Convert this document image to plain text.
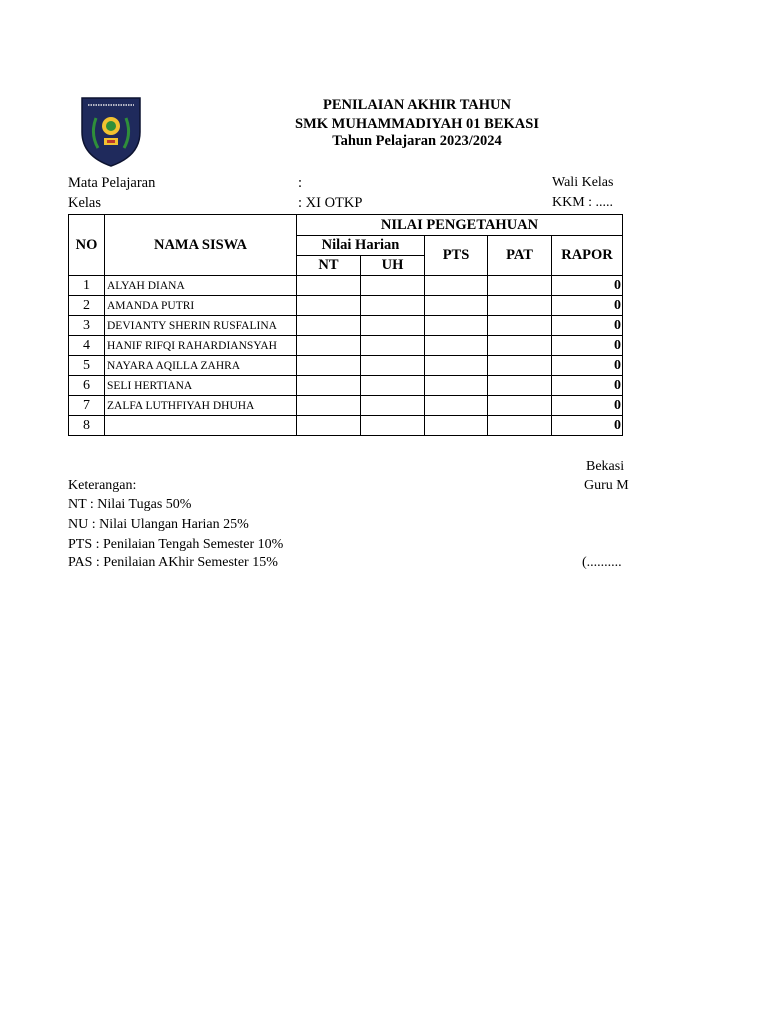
PENILAIAN AKHIR TAHUN
SMK MUHAMMADIYAH 01 BEKASI
Tahun Pelajaran 2023/2024
Mata Pelajaran	:	Wali Kelas
Kelas	: XI OTKP	KKM : .....
NO	NAMA SISWA	NILAI PENGETAHUAN				
		Nilai Harian		PTS	PAT	RAPOR
		NT	UH			
1	ALYAH DIANA					0
2	AMANDA PUTRI					0
3	DEVIANTY SHERIN RUSFALINA					0
4	HANIF RIFQI RAHARDIANSYAH					0
5	NAYARA AQILLA ZAHRA					0
6	SELI HERTIANA					0
7	ZALFA LUTHFIYAH DHUHA					0
8						0
Bekasi
Guru M
(..........
Keterangan:
NT : Nilai Tugas 50%
NU : Nilai Ulangan Harian 25%
PTS : Penilaian Tengah Semester 10%
PAS : Penilaian AKhir Semester 15%
